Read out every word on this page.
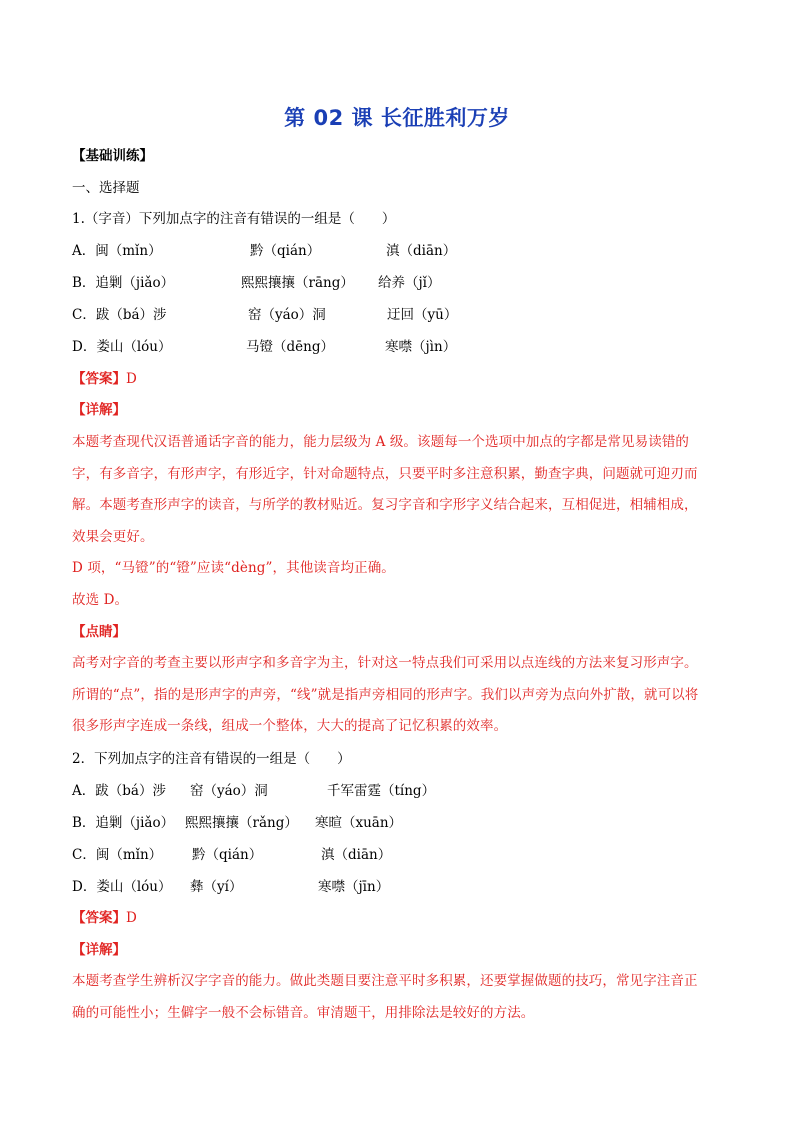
第 02 课 长征胜利万岁
【基础训练】
一、选择题
1.（字音）下列加点字的注音有错误的一组是（　　）
A．闽（mǐn）	黔（qián）	滇（diān）
B．追剿（jiǎo）	熙熙攘攘（rāng） 给养（jǐ）
C．跋（bá）涉	窑（yáo）洞	迂回（yū）
D．娄山（lóu）	马镫（dēng）	寒噤（jìn）
【答案】D
【详解】
本题考查现代汉语普通话字音的能力，能力层级为 A 级。该题每一个选项中加点的字都是常见易读错的
字，有多音字，有形声字，有形近字，针对命题特点，只要平时多注意积累，勤查字典，问题就可迎刃而
解。本题考查形声字的读音，与所学的教材贴近。复习字音和字形字义结合起来，互相促进，相辅相成，
效果会更好。
D 项，“马镫”的“镫”应读“dèng”，其他读音均正确。
故选 D。
【点睛】
高考对字音的考查主要以形声字和多音字为主，针对这一特点我们可采用以点连线的方法来复习形声字。
所谓的“点”，指的是形声字的声旁，“线”就是指声旁相同的形声字。我们以声旁为点向外扩散，就可以将
很多形声字连成一条线，组成一个整体，大大的提高了记忆积累的效率。
2．下列加点字的注音有错误的一组是（　　）
A．跋（bá）涉 窑（yáo）洞	千军雷霆（tíng）
B．追剿（jiǎo） 熙熙攘攘（rǎng） 寒暄（xuān）
C．闽（mǐn） 黔（qián）	滇（diān）
D．娄山（lóu） 彝（yí）	寒噤（jīn）
【答案】D
【详解】
本题考查学生辨析汉字字音的能力。做此类题目要注意平时多积累，还要掌握做题的技巧，常见字注音正
确的可能性小；生僻字一般不会标错音。审清题干，用排除法是较好的方法。
